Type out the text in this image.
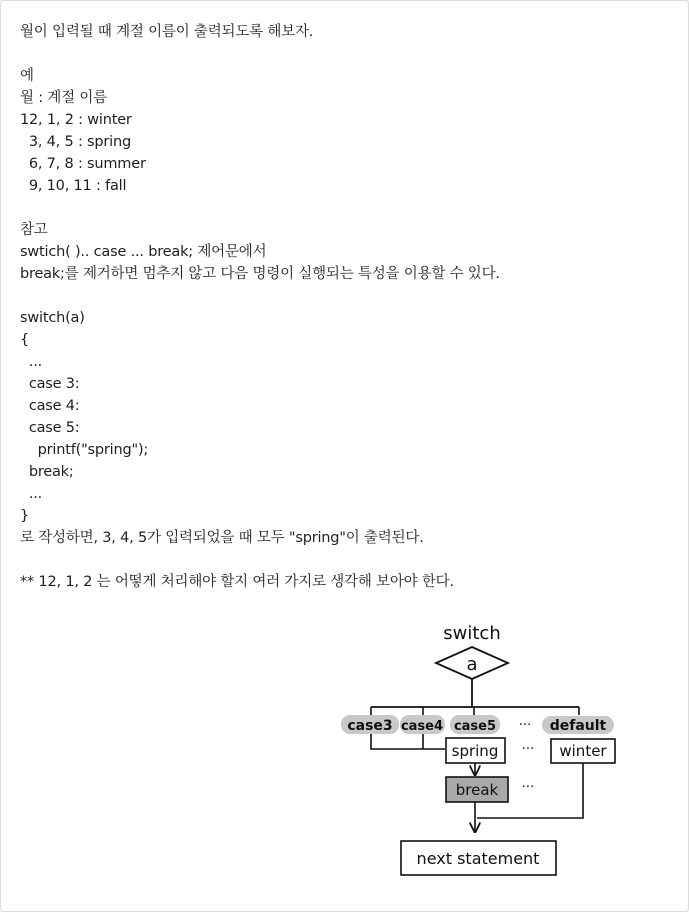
월이 입력될 때 계절 이름이 출력되도록 해보자.
예
월 : 계절 이름
12, 1, 2 : winter
3, 4, 5 : spring
6, 7, 8 : summer
9, 10, 11 : fall
참고
swtich( ).. case ... break; 제어문에서
break;를 제거하면 멈추지 않고 다음 명령이 실행되는 특성을 이용할 수 있다.
switch(a)
{
...
case 3:
case 4:
case 5:
printf("spring");
break;
...
}
로 작성하면, 3, 4, 5가 입력되었을 때 모두 "spring"이 출력된다.
** 12, 1, 2 는 어떻게 처리해야 할지 여러 가지로 생각해 보아야 한다.
switch
a
case3 case4 case5 ··· default
spring ··· winter
break ···
next statement
